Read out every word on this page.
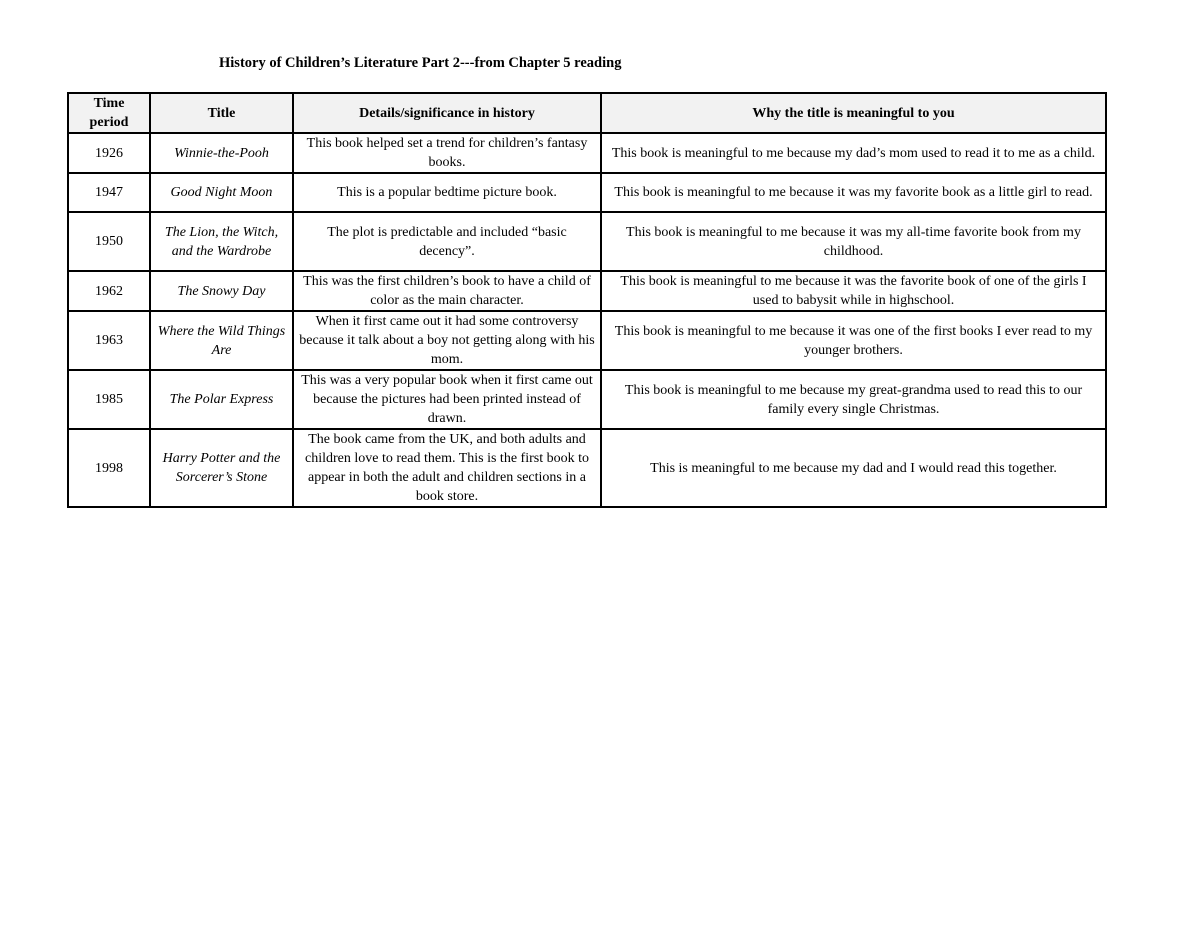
History of Children’s Literature Part 2---from Chapter 5 reading
Time period	Title	Details/significance in history	Why the title is meaningful to you
1926	Winnie-the-Pooh	This book helped set a trend for children’s fantasy books.	This book is meaningful to me because my dad’s mom used to read it to me as a child.
1947	Good Night Moon	This is a popular bedtime picture book.	This book is meaningful to me because it was my favorite book as a little girl to read.
1950	The Lion, the Witch, and the Wardrobe	The plot is predictable and included “basic decency”.	This book is meaningful to me because it was my all-time favorite book from my childhood.
1962	The Snowy Day	This was the first children’s book to have a child of color as the main character.	This book is meaningful to me because it was the favorite book of one of the girls I used to babysit while in highschool.
1963	Where the Wild Things Are	When it first came out it had some controversy because it talk about a boy not getting along with his mom.	This book is meaningful to me because it was one of the first books I ever read to my younger brothers.
1985	The Polar Express	This was a very popular book when it first came out because the pictures had been printed instead of drawn.	This book is meaningful to me because my great-grandma used to read this to our family every single Christmas.
1998	Harry Potter and the Sorcerer’s Stone	The book came from the UK, and both adults and children love to read them. This is the first book to appear in both the adult and children sections in a book store.	This is meaningful to me because my dad and I would read this together.
